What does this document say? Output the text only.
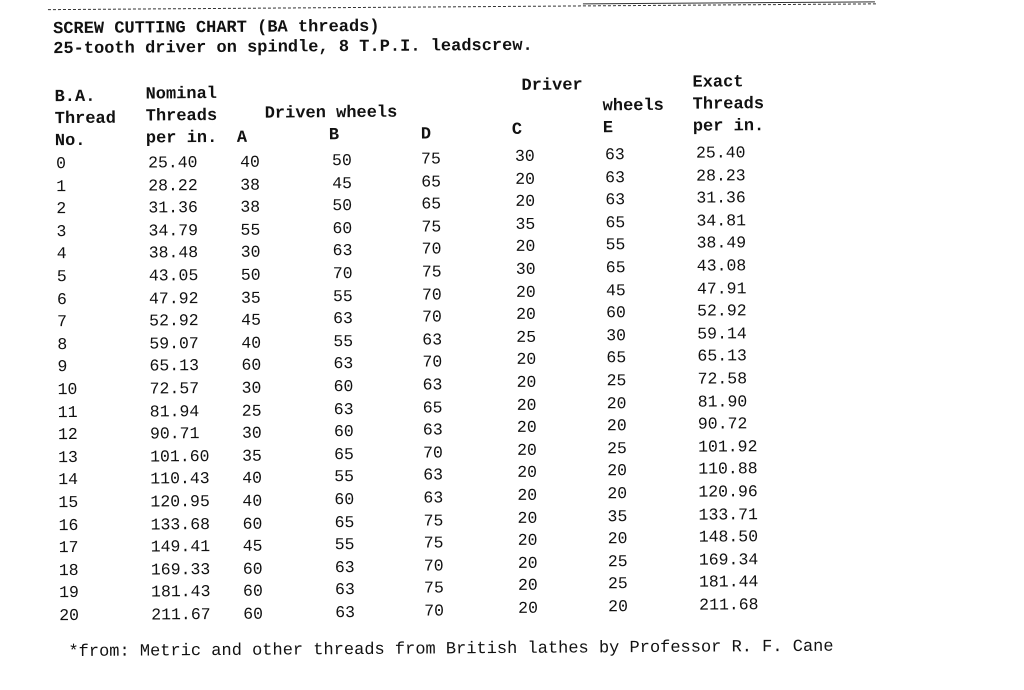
SCREW CUTTING CHART (BA threads)
25-tooth driver on spindle, 8 T.P.I. leadscrew.
B.A.
Thread
No.
Nominal
Threads
per in. A
Driven wheels
B	D
Driver
wheels
C	E
Exact
Threads
per in.
0	25.40	40	50	75	30	63	25.40
1	28.22	38	45	65	20	63	28.23
2	31.36	38	50	65	20	63	31.36
3	34.79	55	60	75	35	65	34.81
4	38.48	30	63	70	20	55	38.49
5	43.05	50	70	75	30	65	43.08
6	47.92	35	55	70	20	45	47.91
7	52.92	45	63	70	20	60	52.92
8	59.07	40	55	63	25	30	59.14
9	65.13	60	63	70	20	65	65.13
10	72.57	30	60	63	20	25	72.58
11	81.94	25	63	65	20	20	81.90
12	90.71	30	60	63	20	20	90.72
13	101.60 35	65	70	20	25	101.92
14	110.43 40	55	63	20	20	110.88
15	120.95 40	60	63	20	20	120.96
16	133.68 60	65	75	20	35	133.71
17	149.41 45	55	75	20	20	148.50
18	169.33 60	63	70	20	25	169.34
19	181.43 60	63	75	20	25	181.44
20	211.67 60	63	70	20	20	211.68
*from: Metric and other threads from British lathes by Professor R. F. Cane
